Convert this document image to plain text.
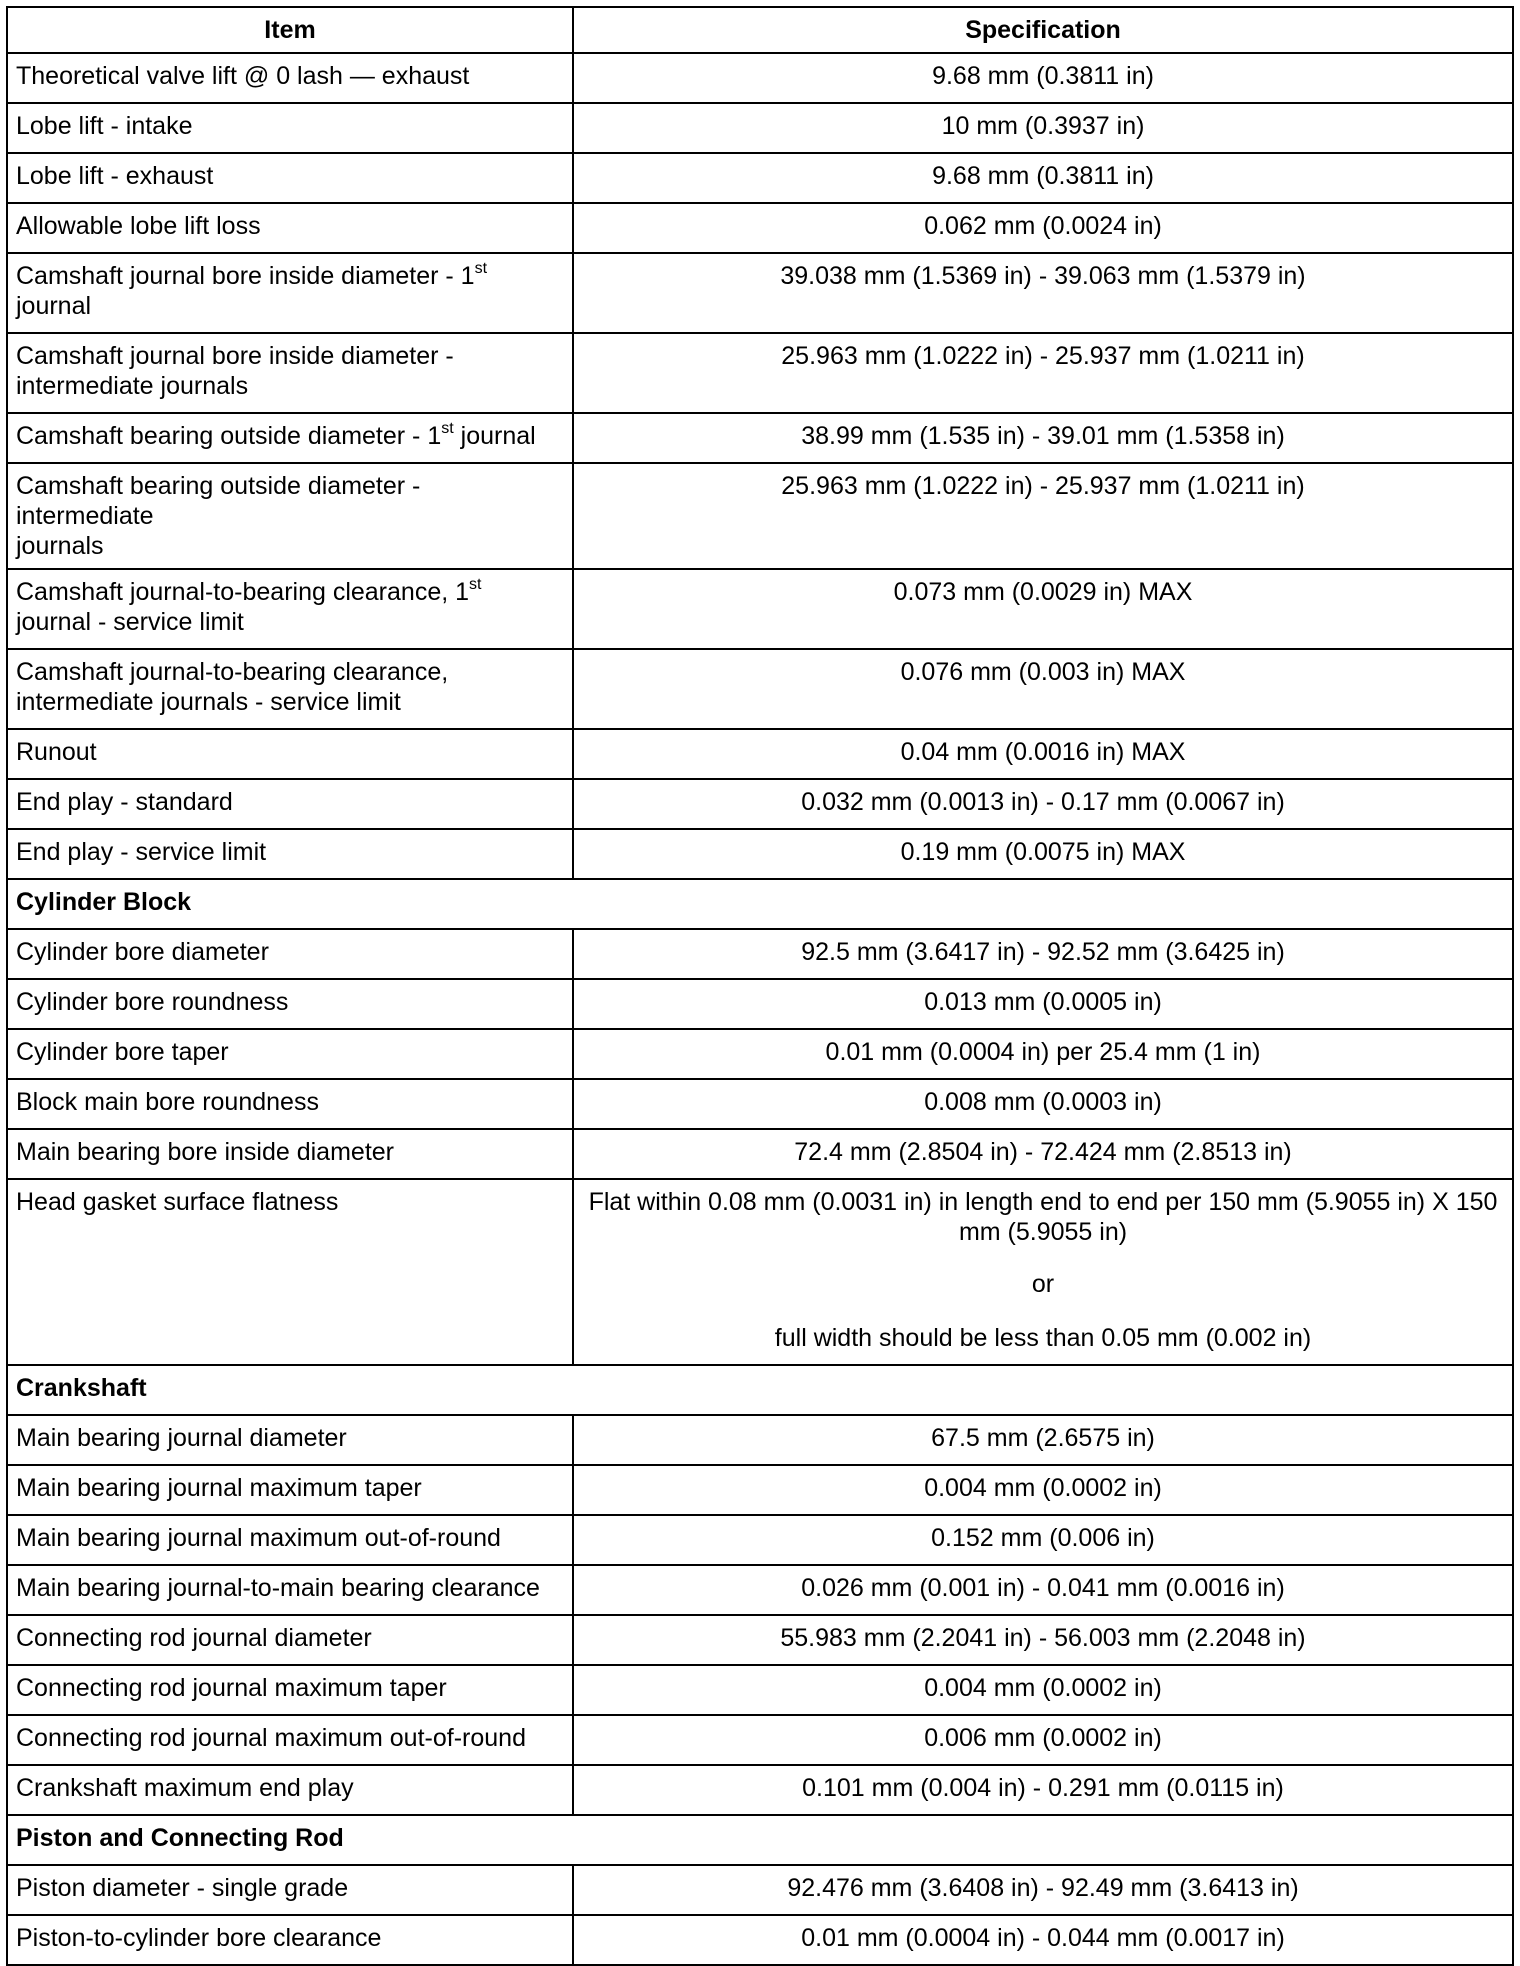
Item	Specification
Theoretical valve lift @ 0 lash — exhaust	9.68 mm (0.3811 in)
Lobe lift - intake	10 mm (0.3937 in)
Lobe lift - exhaust	9.68 mm (0.3811 in)
Allowable lobe lift loss	0.062 mm (0.0024 in)
Camshaft journal bore inside diameter - 1st
journal	39.038 mm (1.5369 in) - 39.063 mm (1.5379 in)
Camshaft journal bore inside diameter -
intermediate journals	25.963 mm (1.0222 in) - 25.937 mm (1.0211 in)
Camshaft bearing outside diameter - 1st journal	38.99 mm (1.535 in) - 39.01 mm (1.5358 in)
Camshaft bearing outside diameter - intermediate
journals	25.963 mm (1.0222 in) - 25.937 mm (1.0211 in)
Camshaft journal-to-bearing clearance, 1st
journal - service limit	0.073 mm (0.0029 in) MAX
Camshaft journal-to-bearing clearance,
intermediate journals - service limit	0.076 mm (0.003 in) MAX
Runout	0.04 mm (0.0016 in) MAX
End play - standard	0.032 mm (0.0013 in) - 0.17 mm (0.0067 in)
End play - service limit	0.19 mm (0.0075 in) MAX
Cylinder Block	
Cylinder bore diameter	92.5 mm (3.6417 in) - 92.52 mm (3.6425 in)
Cylinder bore roundness	0.013 mm (0.0005 in)
Cylinder bore taper	0.01 mm (0.0004 in) per 25.4 mm (1 in)
Block main bore roundness	0.008 mm (0.0003 in)
Main bearing bore inside diameter	72.4 mm (2.8504 in) - 72.424 mm (2.8513 in)
Head gasket surface flatness	Flat within 0.08 mm (0.0031 in) in length end to end per 150 mm (5.9055 in) X 150
mm (5.9055 in)
or
full width should be less than 0.05 mm (0.002 in)

Crankshaft	
Main bearing journal diameter	67.5 mm (2.6575 in)
Main bearing journal maximum taper	0.004 mm (0.0002 in)
Main bearing journal maximum out-of-round	0.152 mm (0.006 in)
Main bearing journal-to-main bearing clearance	0.026 mm (0.001 in) - 0.041 mm (0.0016 in)
Connecting rod journal diameter	55.983 mm (2.2041 in) - 56.003 mm (2.2048 in)
Connecting rod journal maximum taper	0.004 mm (0.0002 in)
Connecting rod journal maximum out-of-round	0.006 mm (0.0002 in)
Crankshaft maximum end play	0.101 mm (0.004 in) - 0.291 mm (0.0115 in)
Piston and Connecting Rod	
Piston diameter - single grade	92.476 mm (3.6408 in) - 92.49 mm (3.6413 in)
Piston-to-cylinder bore clearance	0.01 mm (0.0004 in) - 0.044 mm (0.0017 in)
